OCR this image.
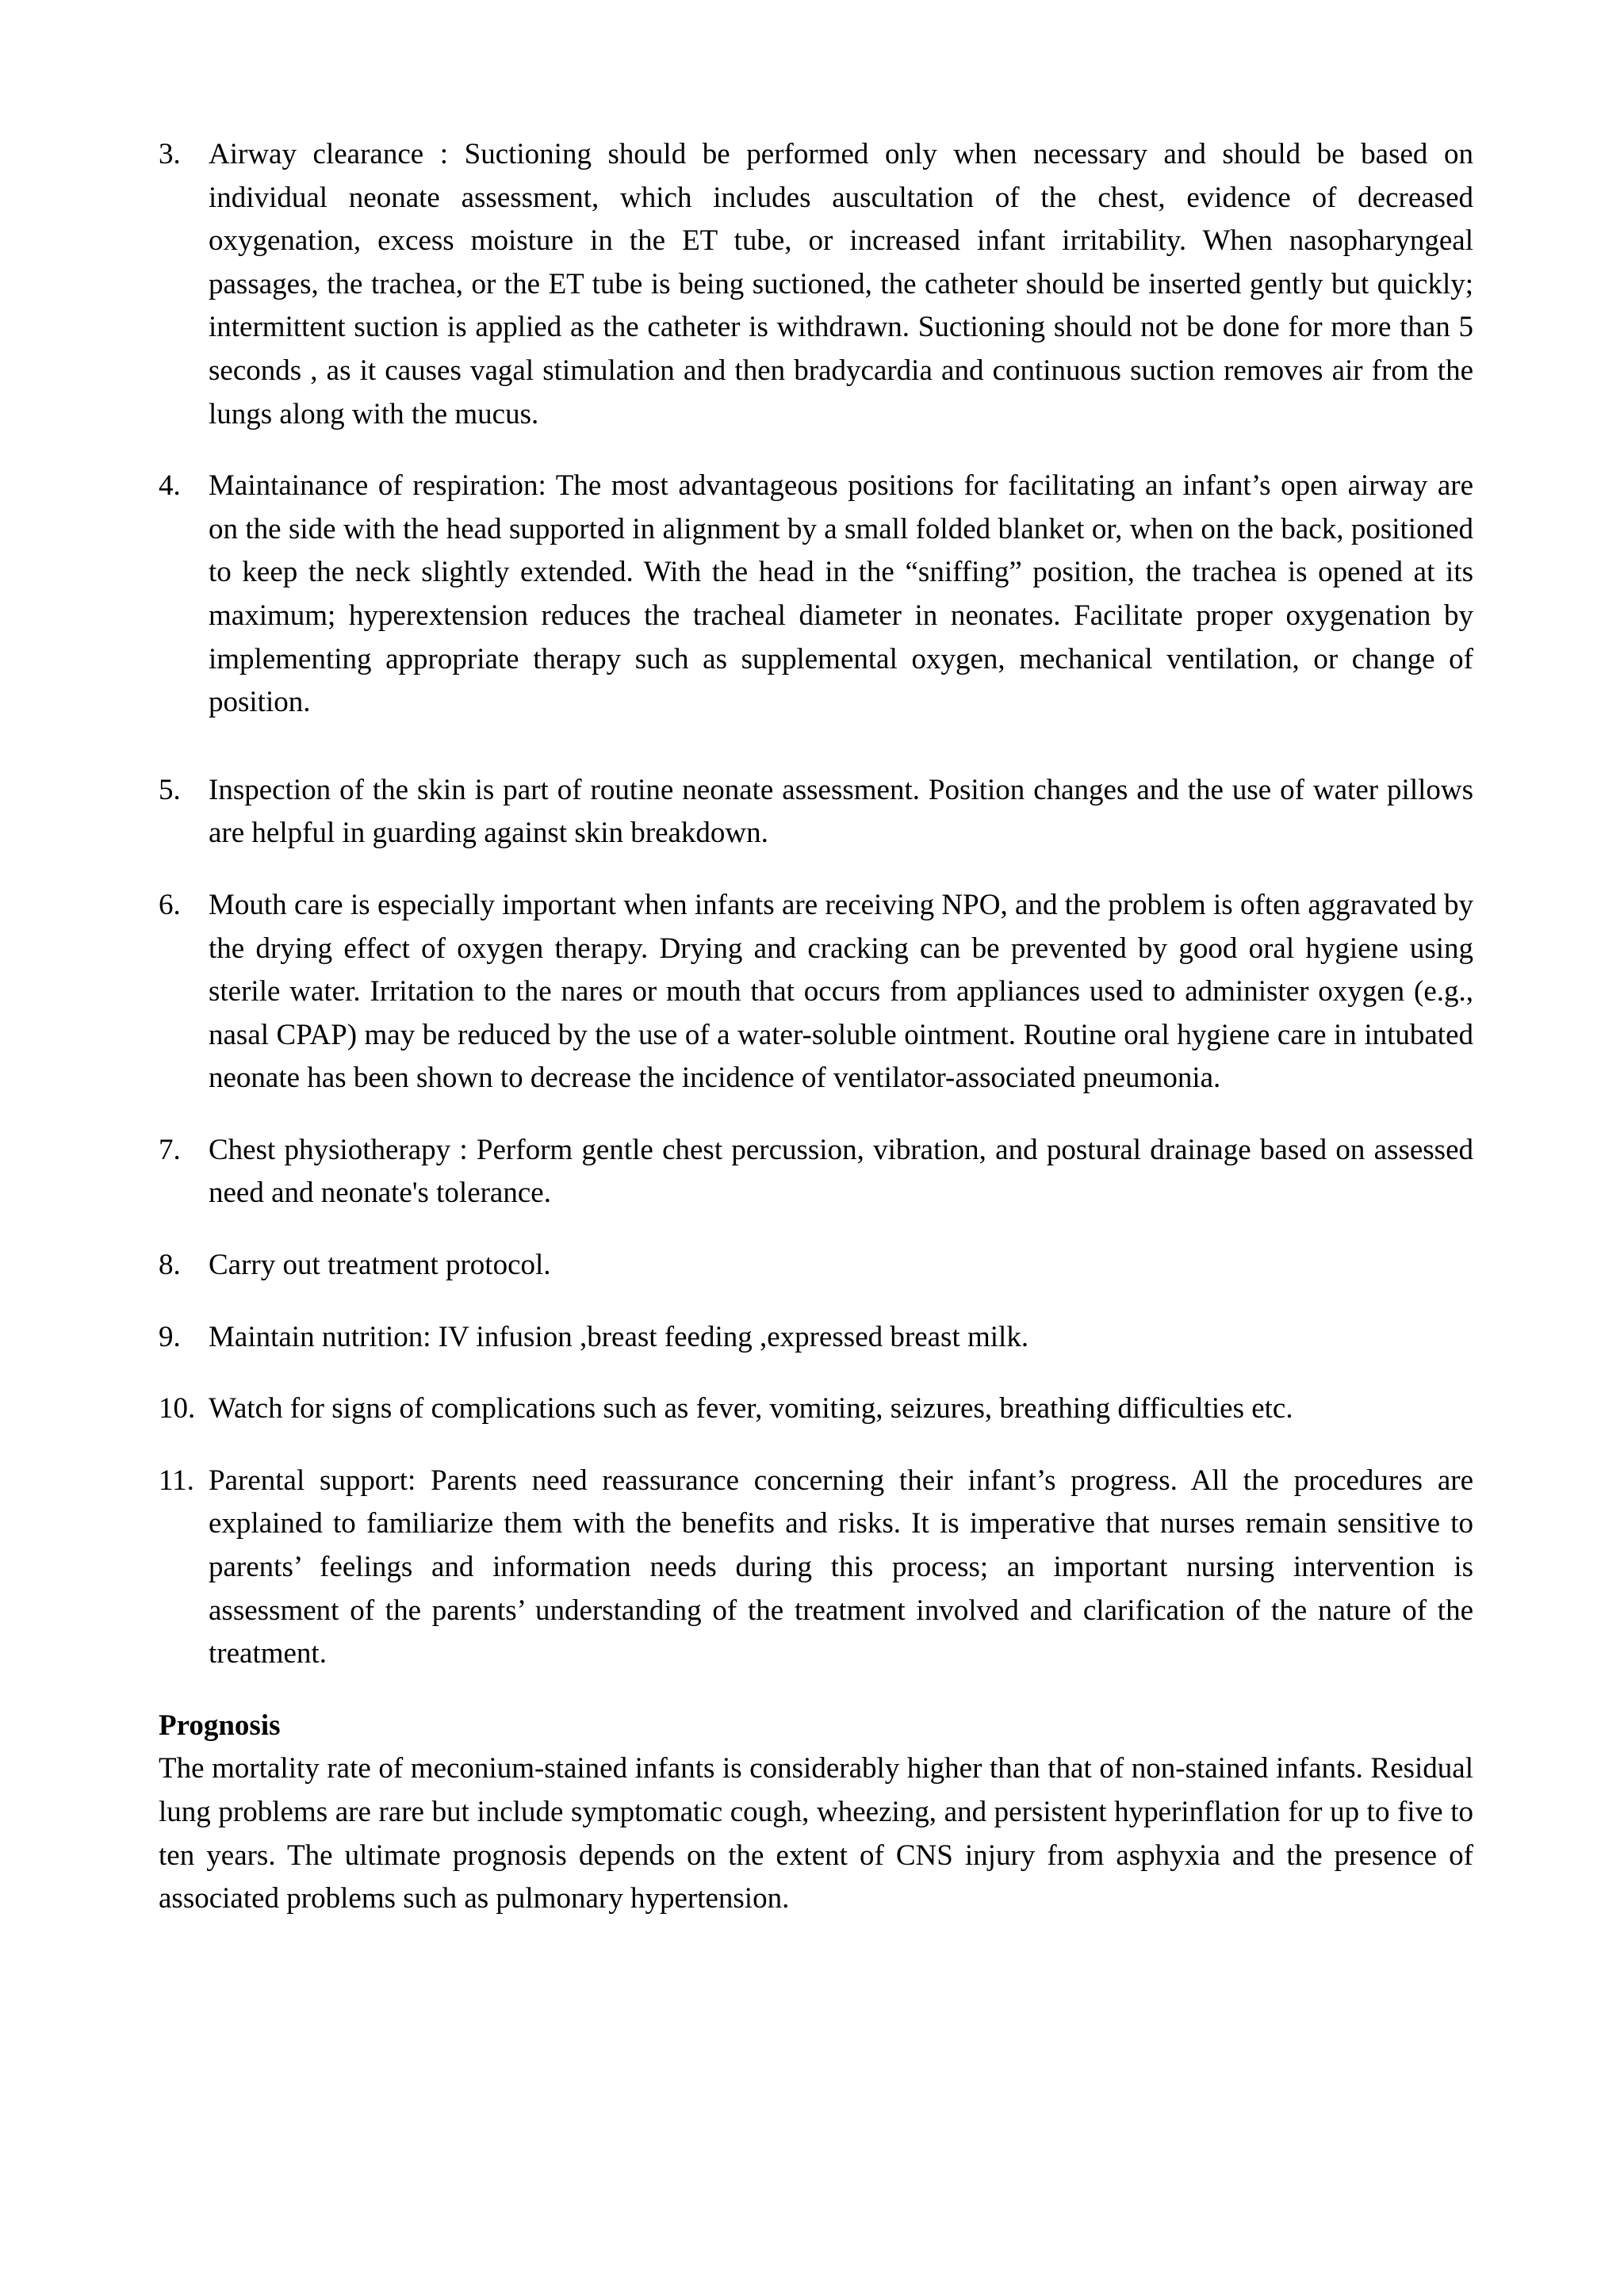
3. Airway clearance : Suctioning should be performed only when necessary and should be based on individual neonate assessment, which includes auscultation of the chest, evidence of decreased oxygenation, excess moisture in the ET tube, or increased infant irritability. When nasopharyngeal passages, the trachea, or the ET tube is being suctioned, the catheter should be inserted gently but quickly; intermittent suction is applied as the catheter is withdrawn. Suctioning should not be done for more than 5 seconds , as it causes vagal stimulation and then bradycardia and continuous suction removes air from the lungs along with the mucus.
4. Maintainance of respiration: The most advantageous positions for facilitating an infant’s open airway are on the side with the head supported in alignment by a small folded blanket or, when on the back, positioned to keep the neck slightly extended. With the head in the “sniffing” position, the trachea is opened at its maximum; hyperextension reduces the tracheal diameter in neonates. Facilitate proper oxygenation by implementing appropriate therapy such as supplemental oxygen, mechanical ventilation, or change of position.
5. Inspection of the skin is part of routine neonate assessment. Position changes and the use of water pillows are helpful in guarding against skin breakdown.
6. Mouth care is especially important when infants are receiving NPO, and the problem is often aggravated by the drying effect of oxygen therapy. Drying and cracking can be prevented by good oral hygiene using sterile water. Irritation to the nares or mouth that occurs from appliances used to administer oxygen (e.g., nasal CPAP) may be reduced by the use of a water-soluble ointment. Routine oral hygiene care in intubated neonate has been shown to decrease the incidence of ventilator-associated pneumonia.
7. Chest physiotherapy : Perform gentle chest percussion, vibration, and postural drainage based on assessed need and neonate's tolerance.
8. Carry out treatment protocol.
9. Maintain nutrition: IV infusion ,breast feeding ,expressed breast milk.
10. Watch for signs of complications such as fever, vomiting, seizures, breathing difficulties etc.
11. Parental support: Parents need reassurance concerning their infant’s progress. All the procedures are explained to familiarize them with the benefits and risks. It is imperative that nurses remain sensitive to parents’ feelings and information needs during this process; an important nursing intervention is assessment of the parents’ understanding of the treatment involved and clarification of the nature of the treatment.

Prognosis

The mortality rate of meconium-stained infants is considerably higher than that of non-stained infants. Residual lung problems are rare but include symptomatic cough, wheezing, and persistent hyperinflation for up to five to ten years. The ultimate prognosis depends on the extent of CNS injury from asphyxia and the presence of associated problems such as pulmonary hypertension.
